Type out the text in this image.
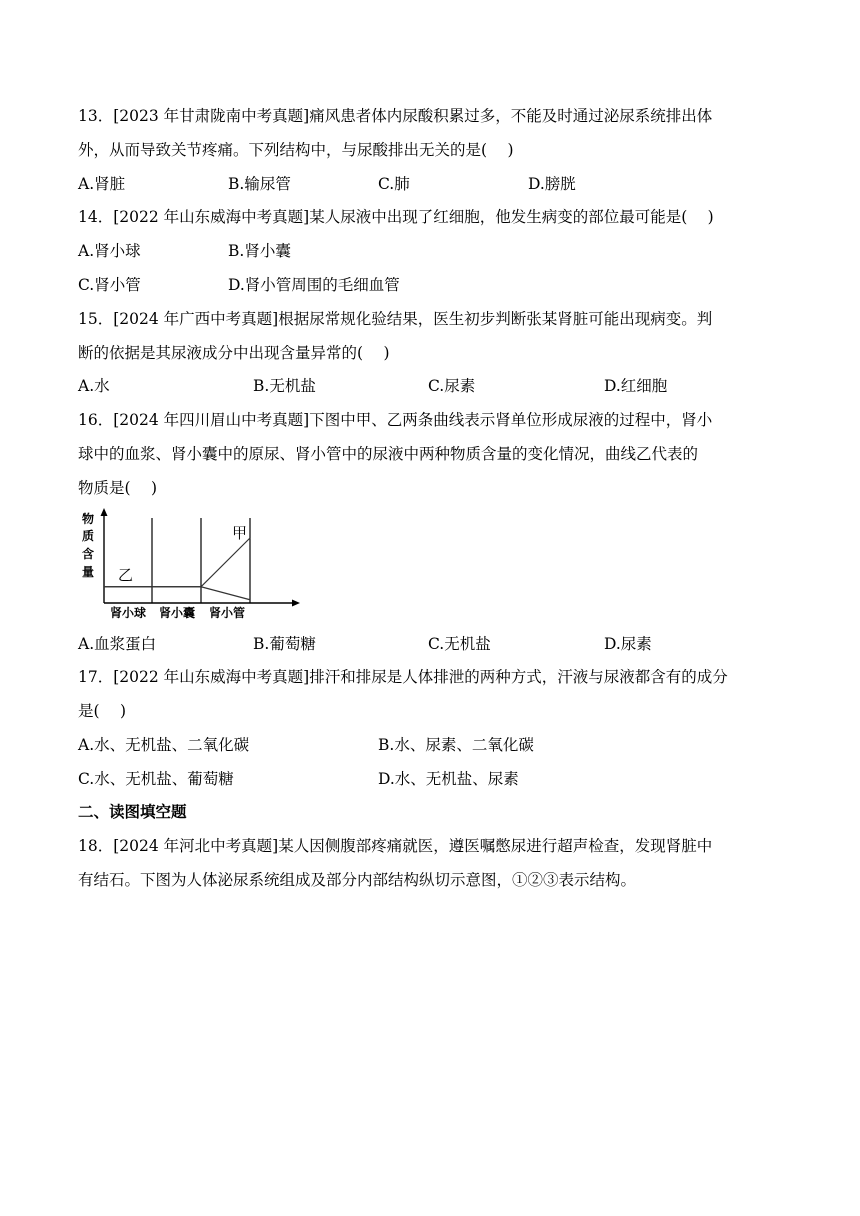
13．[2023 年甘肃陇南中考真题]痛风患者体内尿酸积累过多，不能及时通过泌尿系统排出体
外，从而导致关节疼痛。下列结构中，与尿酸排出无关的是(　 )
A.肾脏	B.输尿管	C.肺	D.膀胱
14．[2022 年山东威海中考真题]某人尿液中出现了红细胞，他发生病变的部位最可能是(　 )
A.肾小球	B.肾小囊
C.肾小管	D.肾小管周围的毛细血管
15．[2024 年广西中考真题]根据尿常规化验结果，医生初步判断张某肾脏可能出现病变。判
断的依据是其尿液成分中出现含量异常的(　 )
A.水	B.无机盐	C.尿素	D.红细胞
16．[2024 年四川眉山中考真题]下图中甲、乙两条曲线表示肾单位形成尿液的过程中，肾小
球中的血浆、肾小囊中的原尿、肾小管中的尿液中两种物质含量的变化情况，曲线乙代表的
物质是(　 )
物
质
含
量
甲
乙
肾小球 肾小囊 肾小管
A.血浆蛋白	B.葡萄糖	C.无机盐	D.尿素
17．[2022 年山东威海中考真题]排汗和排尿是人体排泄的两种方式，汗液与尿液都含有的成分
是(　 )
A.水、无机盐、二氧化碳	B.水、尿素、二氧化碳
C.水、无机盐、葡萄糖	D.水、无机盐、尿素
二、读图填空题
18．[2024 年河北中考真题]某人因侧腹部疼痛就医，遵医嘱憋尿进行超声检查，发现肾脏中
有结石。下图为人体泌尿系统组成及部分内部结构纵切示意图，①②③表示结构。
